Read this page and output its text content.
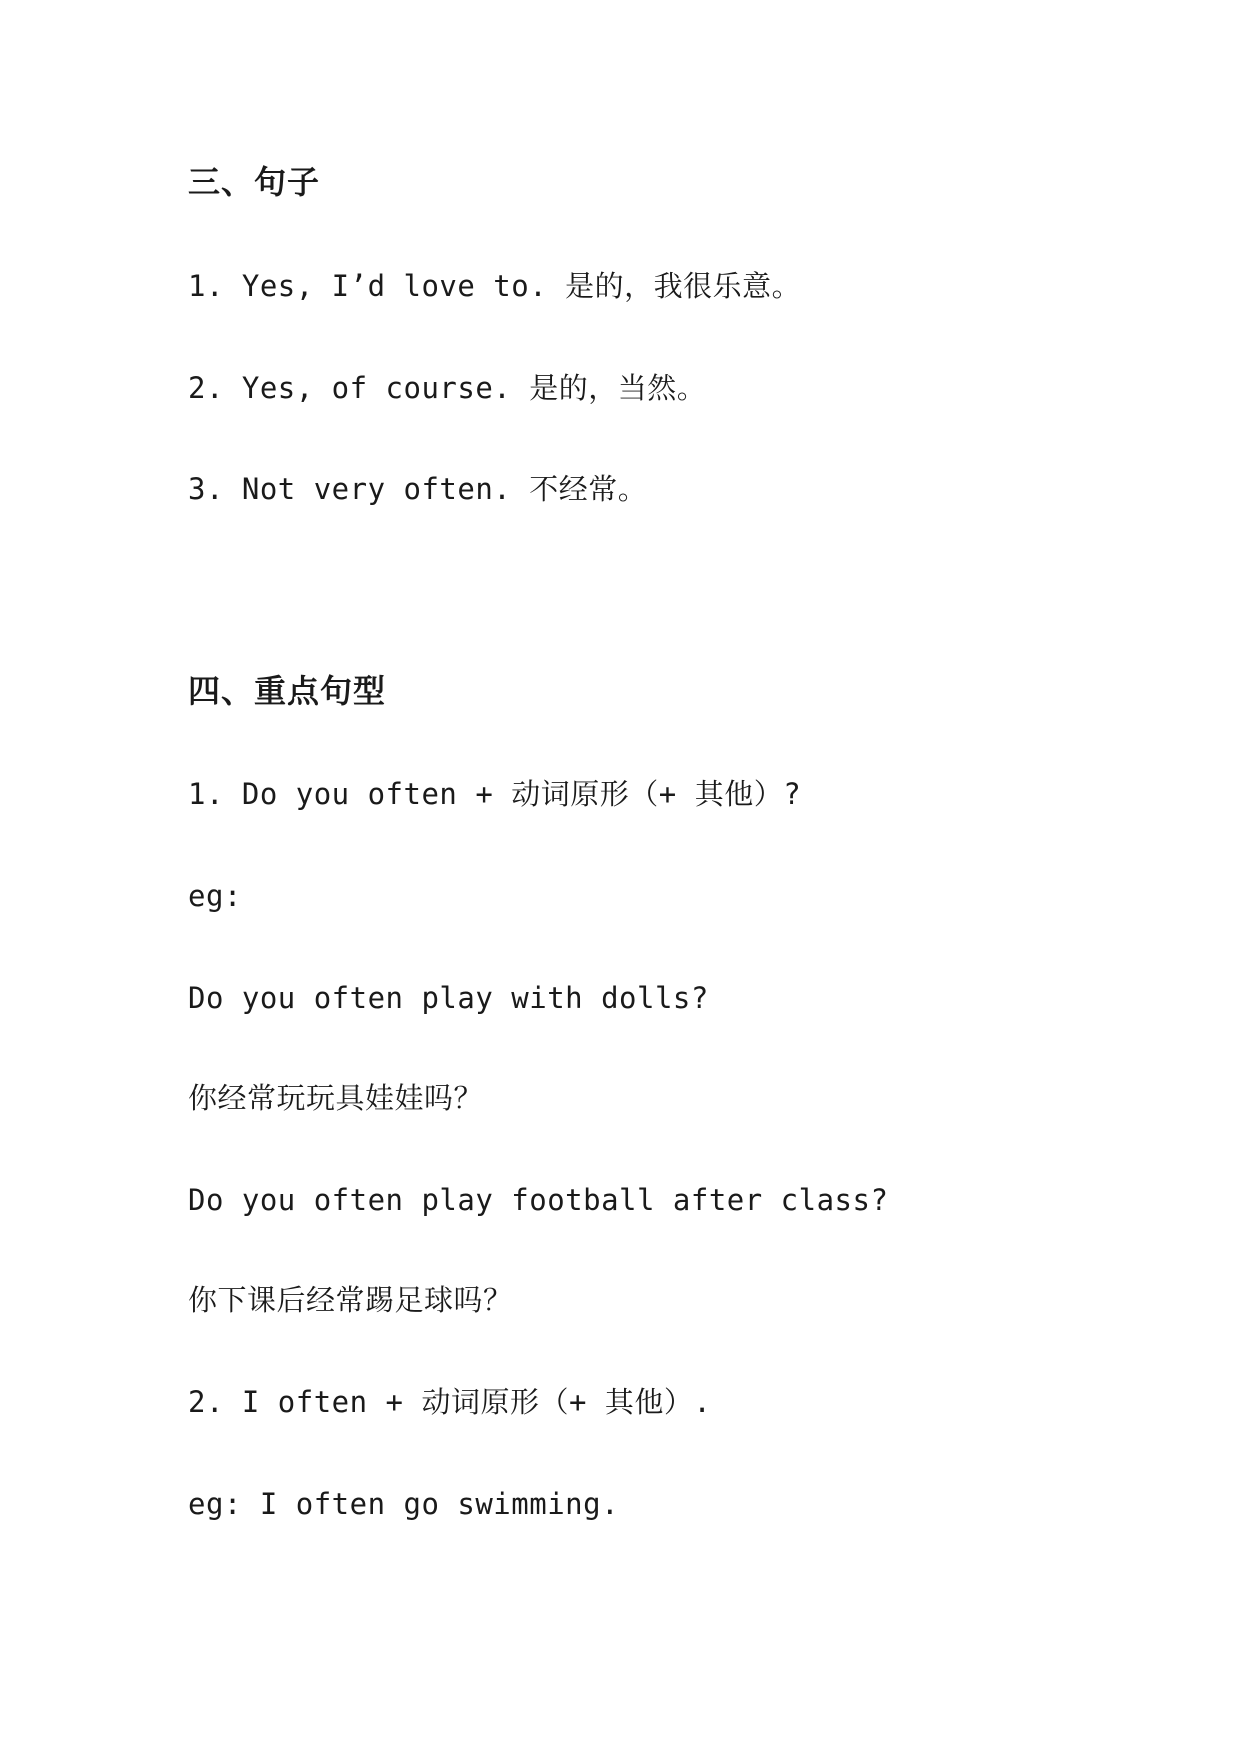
三、句子
1. Yes, I’d love to. 是的，我很乐意。
2. Yes, of course. 是的，当然。
3. Not very often. 不经常。
四、重点句型
1. Do you often + 动词原形（+ 其他）?
eg:
Do you often play with dolls?
你经常玩玩具娃娃吗？
Do you often play football after class?
你下课后经常踢足球吗？
2. I often + 动词原形（+ 其他）.
eg: I often go swimming.
